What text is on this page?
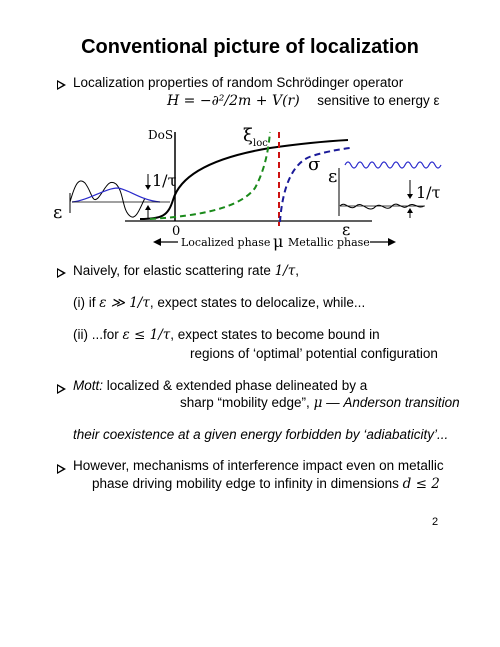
Conventional picture of localization
Localization properties of random Schrödinger operator
H = −∂²/2m + V(r) sensitive to energy ε
DoS	ξ loc
σ
1/τ
ε
ε
1/τ
0
μ
ε
Localized phase Metallic phase
Naively, for elastic scattering rate 1/τ,
(i) if ε ≫ 1/τ, expect states to delocalize, while...
(ii) ...for ε ≤ 1/τ, expect states to become bound in
regions of ‘optimal’ potential configuration
Mott: localized & extended phase delineated by a
sharp “mobility edge”, μ — Anderson transition
their coexistence at a given energy forbidden by ‘adiabaticity’...
However, mechanisms of interference impact even on metallic
phase driving mobility edge to infinity in dimensions d ≤ 2
2
